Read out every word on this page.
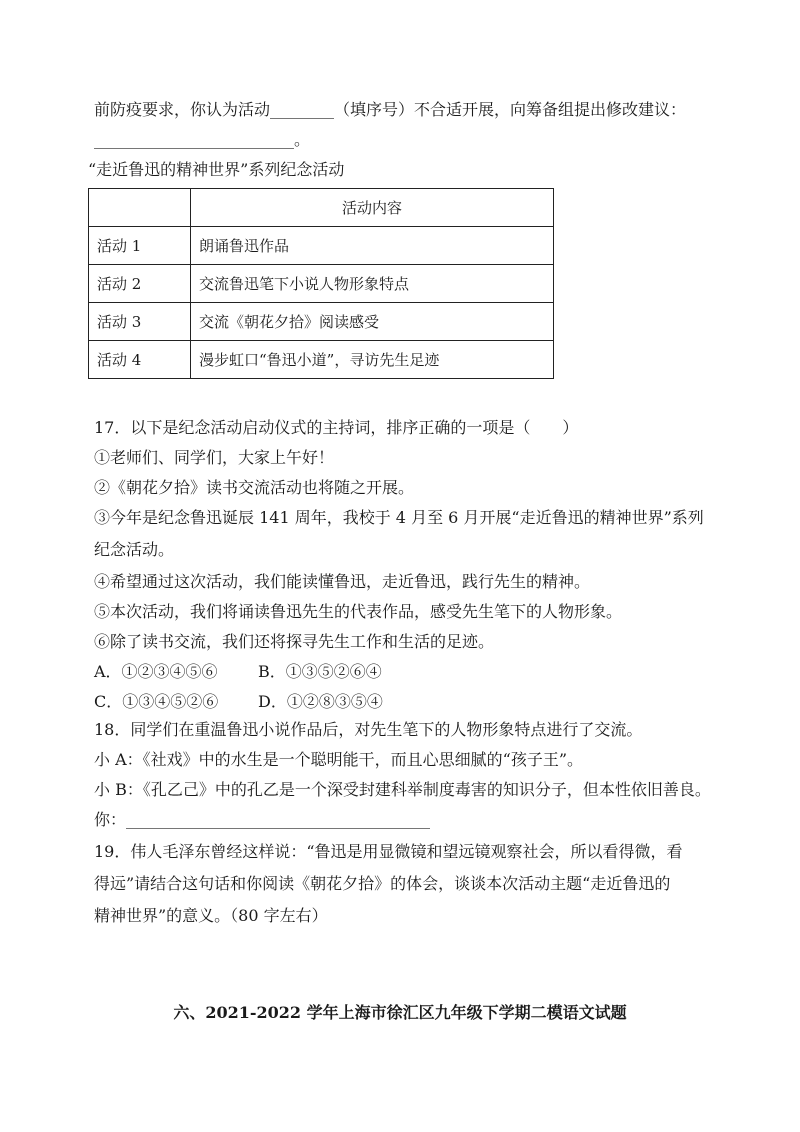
前防疫要求，你认为活动________（填序号）不合适开展，向筹备组提出修改建议：
_________________________。
“走近鲁迅的精神世界”系列纪念活动
	活动内容
活动 1	朗诵鲁迅作品
活动 2	交流鲁迅笔下小说人物形象特点
活动 3	交流《朝花夕拾》阅读感受
活动 4	漫步虹口“鲁迅小道”，寻访先生足迹
17．以下是纪念活动启动仪式的主持词，排序正确的一项是（　　）
①老师们、同学们，大家上午好！
②《朝花夕拾》读书交流活动也将随之开展。
③今年是纪念鲁迅诞辰 141 周年，我校于 4 月至 6 月开展“走近鲁迅的精神世界”系列
纪念活动。
④希望通过这次活动，我们能读懂鲁迅，走近鲁迅，践行先生的精神。
⑤本次活动，我们将诵读鲁迅先生的代表作品，感受先生笔下的人物形象。
⑥除了读书交流，我们还将探寻先生工作和生活的足迹。
A．①②③④⑤⑥	B．①③⑤②⑥④
C．①③④⑤②⑥ D．①②⑧③⑤④
18．同学们在重温鲁迅小说作品后，对先生笔下的人物形象特点进行了交流。
小 A：《社戏》中的水生是一个聪明能干，而且心思细腻的“孩子王”。
小 B：《孔乙己》中的孔乙是一个深受封建科举制度毒害的知识分子，但本性依旧善良。
你：______________________________________
19．伟人毛泽东曾经这样说：“鲁迅是用显微镜和望远镜观察社会，所以看得微，看
得远”请结合这句话和你阅读《朝花夕拾》的体会，谈谈本次活动主题“走近鲁迅的
精神世界”的意义。（80 字左右）
六、2021-2022 学年上海市徐汇区九年级下学期二模语文试题
